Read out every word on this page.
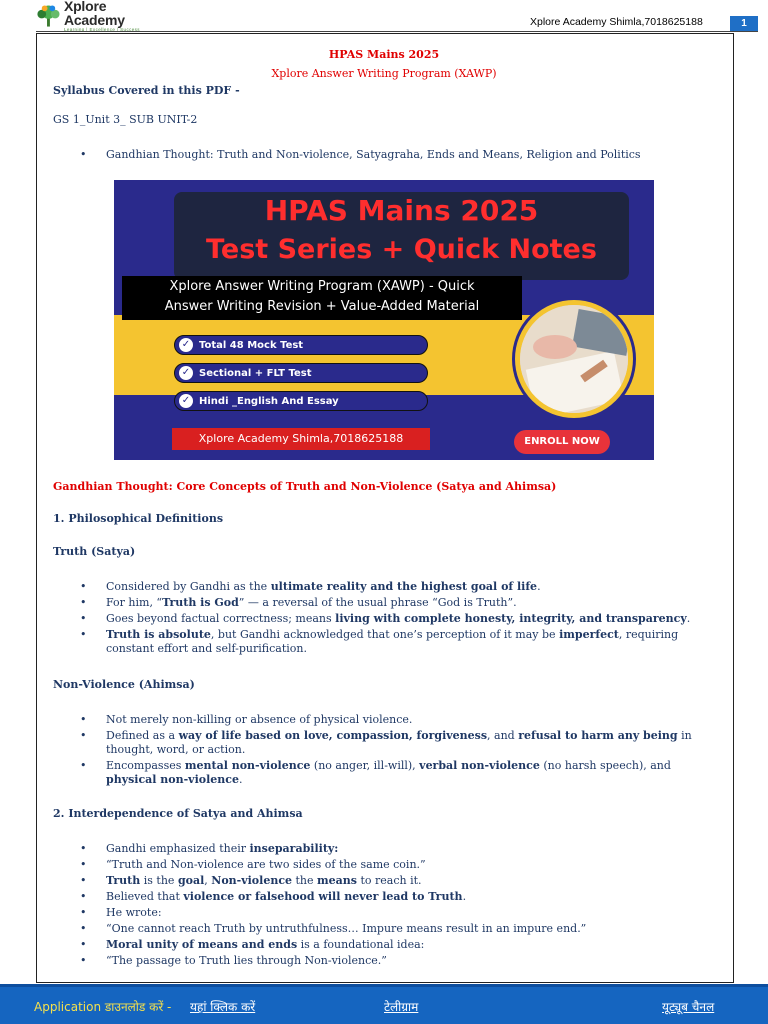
Xplore Academy
Learning | Excellence | Success
Xplore Academy Shimla,7018625188	1
HPAS Mains 2025
Xplore Answer Writing Program (XAWP)
Syllabus Covered in this PDF -
GS 1_Unit 3_ SUB UNIT-2
• Gandhian Thought: Truth and Non-violence, Satyagraha, Ends and Means, Religion and Politics
HPAS Mains 2025
Test Series + Quick Notes
Xplore Answer Writing Program (XAWP) - Quick
Answer Writing Revision + Value-Added Material
✓ Total 48 Mock Test
✓ Sectional + FLT Test
✓ Hindi _English And Essay
Xplore Academy Shimla,7018625188	ENROLL NOW
Gandhian Thought: Core Concepts of Truth and Non-Violence (Satya and Ahimsa)
1. Philosophical Definitions
Truth (Satya)
• Considered by Gandhi as the ultimate reality and the highest goal of life.
• For him, “Truth is God” — a reversal of the usual phrase “God is Truth”.
• Goes beyond factual correctness; means living with complete honesty, integrity, and transparency.
• Truth is absolute, but Gandhi acknowledged that one’s perception of it may be imperfect, requiring constant effort and self-purification.
Non-Violence (Ahimsa)
• Not merely non-killing or absence of physical violence.
• Defined as a way of life based on love, compassion, forgiveness, and refusal to harm any being in thought, word, or action.
• Encompasses mental non-violence (no anger, ill-will), verbal non-violence (no harsh speech), and physical non-violence.
2. Interdependence of Satya and Ahimsa
• Gandhi emphasized their inseparability:
• “Truth and Non-violence are two sides of the same coin.”
• Truth is the goal, Non-violence the means to reach it.
• Believed that violence or falsehood will never lead to Truth.
• He wrote:
• “One cannot reach Truth by untruthfulness… Impure means result in an impure end.”
• Moral unity of means and ends is a foundational idea:
• “The passage to Truth lies through Non-violence.”
Application डाउनलोड करें - यहां क्लिक करें	टेलीग्राम	यूट्यूब चैनल
